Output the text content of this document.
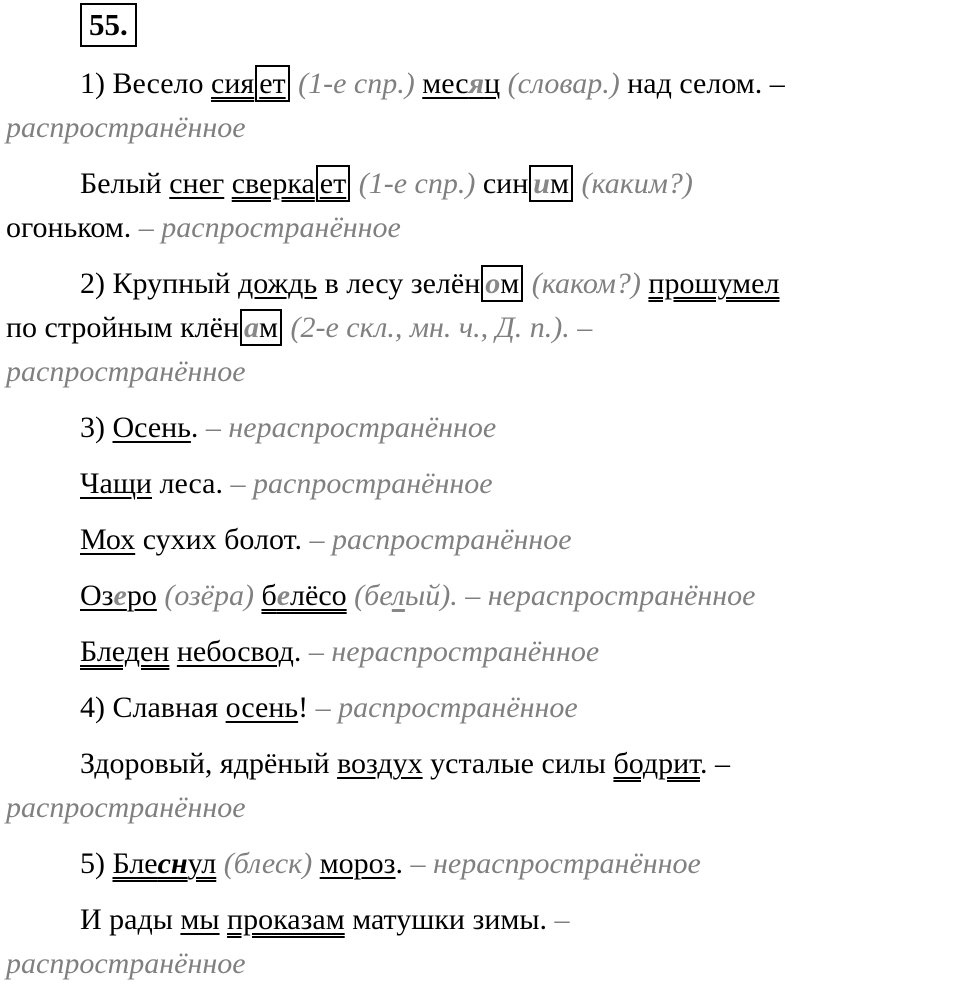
55.
1) Весело сия ет (1-е спр.) месяц (словар.) над селом. –
распространённое
Белый снег сверка ет (1-е спр.) син им (каким?)
огоньком. – распространённое
2) Крупный дождь в лесу зелён ом (каком?) прошумел
по стройным клён ам (2-е скл., мн. ч., Д. п.). –
распространённое
3) Осень. – нераспространённое
Чащи леса. – распространённое
Мох сухих болот. – распространённое
Озеро (озёра) белёсо (белый). – нераспространённое
Бледен небосвод. – нераспространённое
4) Славная осень! – распространённое
Здоровый, ядрёный воздух усталые силы бодрит. –
распространённое
5) Блеснул (блеск) мороз. – нераспространённое
И рады мы проказам матушки зимы. –
распространённое
